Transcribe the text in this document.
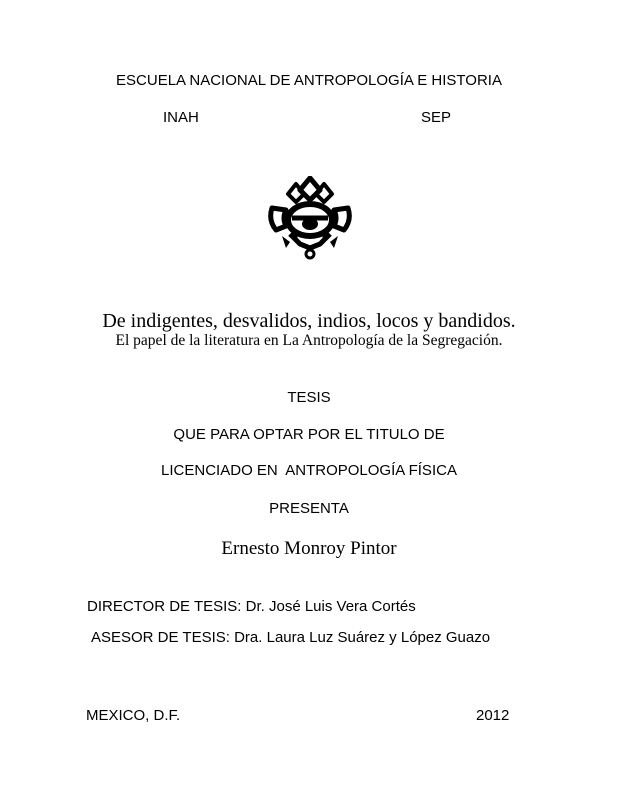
ESCUELA NACIONAL DE ANTROPOLOGÍA E HISTORIA
INAH	SEP
De indigentes, desvalidos, indios, locos y bandidos.
El papel de la literatura en La Antropología de la Segregación.
TESIS
QUE PARA OPTAR POR EL TITULO DE
LICENCIADO EN  ANTROPOLOGÍA FÍSICA
PRESENTA
Ernesto Monroy Pintor
DIRECTOR DE TESIS: Dr. José Luis Vera Cortés
ASESOR DE TESIS: Dra. Laura Luz Suárez y López Guazo
MEXICO, D.F.	2012
